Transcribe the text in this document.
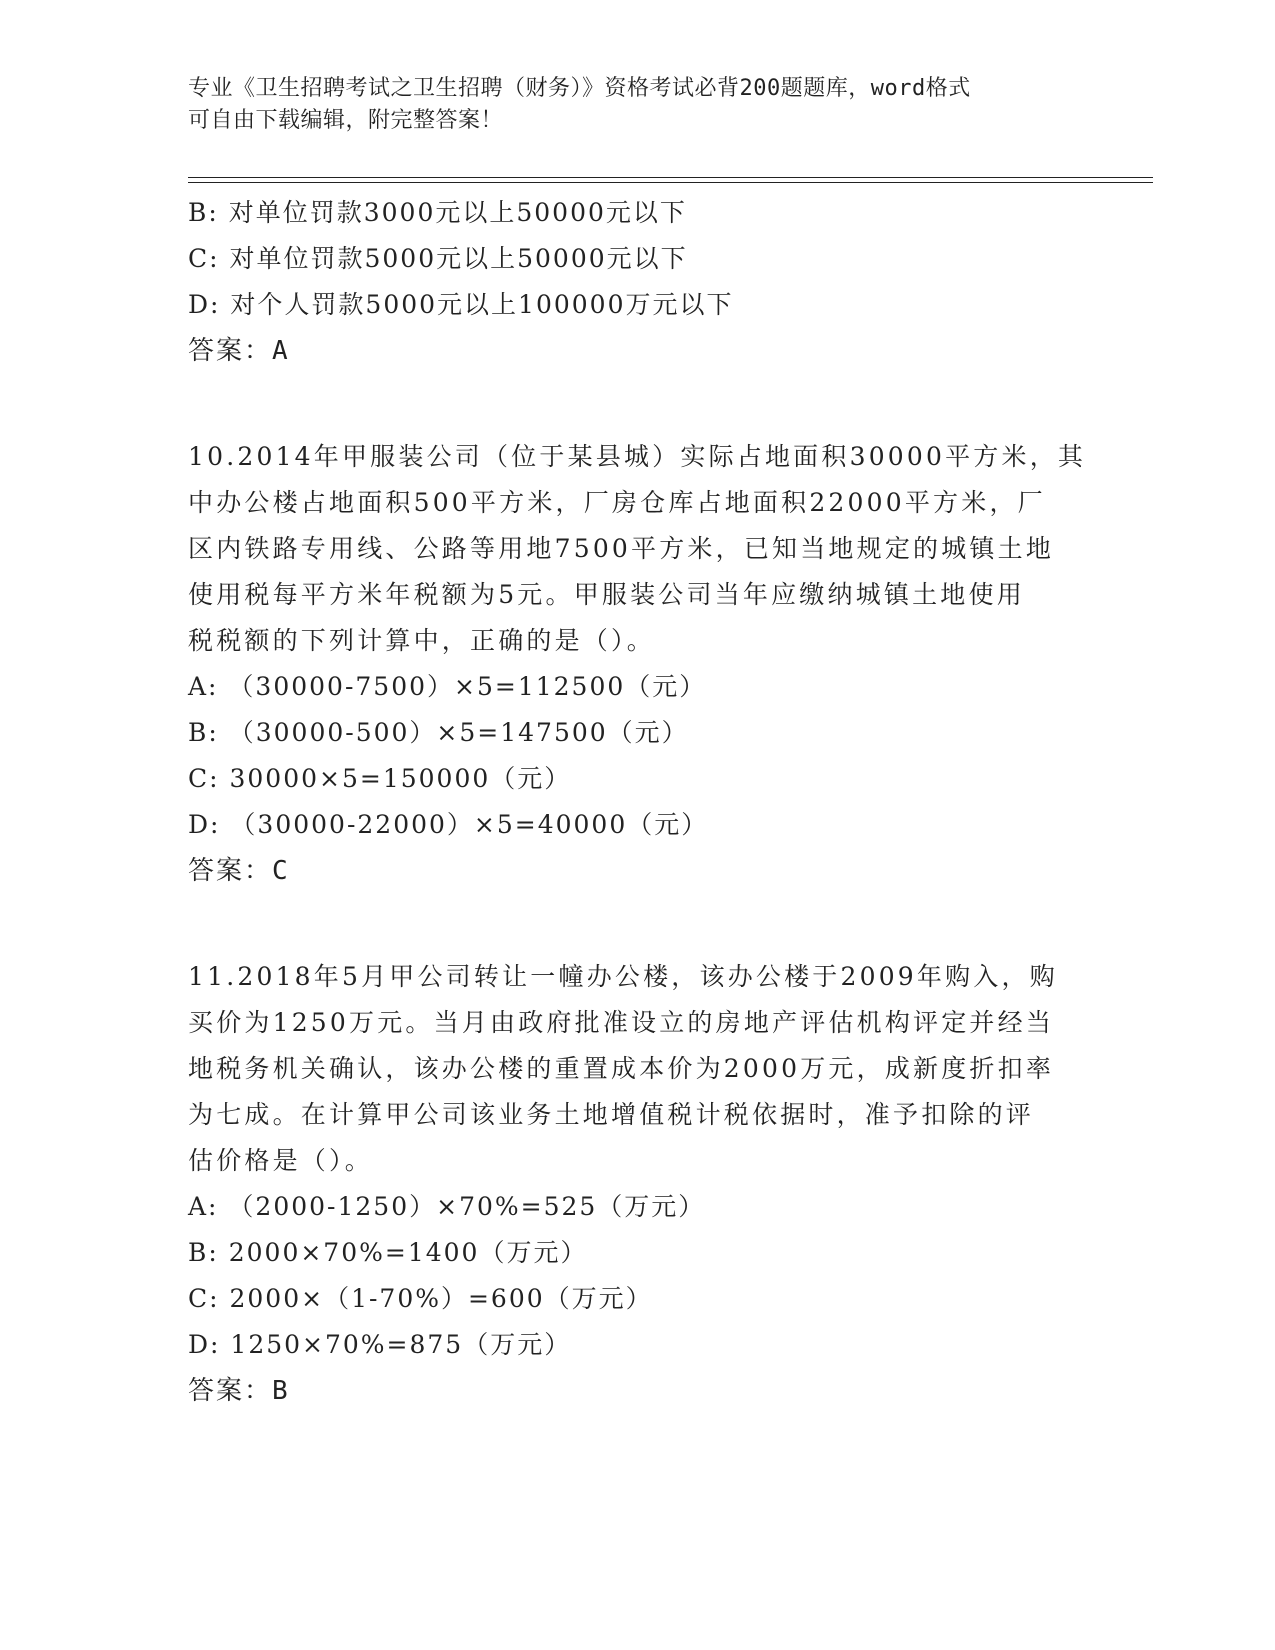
专业《卫生招聘考试之卫生招聘（财务）》资格考试必背200题题库，word格式
可自由下载编辑，附完整答案！
B: 对单位罚款3000元以上50000元以下
C: 对单位罚款5000元以上50000元以下
D: 对个人罚款5000元以上100000万元以下
答案：A
10.2014年甲服装公司（位于某县城）实际占地面积30000平方米，其
中办公楼占地面积500平方米，厂房仓库占地面积22000平方米，厂
区内铁路专用线、公路等用地7500平方米，已知当地规定的城镇土地
使用税每平方米年税额为5元。甲服装公司当年应缴纳城镇土地使用
税税额的下列计算中，正确的是（）。
A: （30000-7500）×5=112500（元）
B: （30000-500）×5=147500（元）
C: 30000×5=150000（元）
D: （30000-22000）×5=40000（元）
答案：C
11.2018年5月甲公司转让一幢办公楼，该办公楼于2009年购入，购
买价为1250万元。当月由政府批准设立的房地产评估机构评定并经当
地税务机关确认，该办公楼的重置成本价为2000万元，成新度折扣率
为七成。在计算甲公司该业务土地增值税计税依据时，准予扣除的评
估价格是（）。
A: （2000-1250）×70%=525（万元）
B: 2000×70%=1400（万元）
C: 2000×（1-70%）=600（万元）
D: 1250×70%=875（万元）
答案：B
